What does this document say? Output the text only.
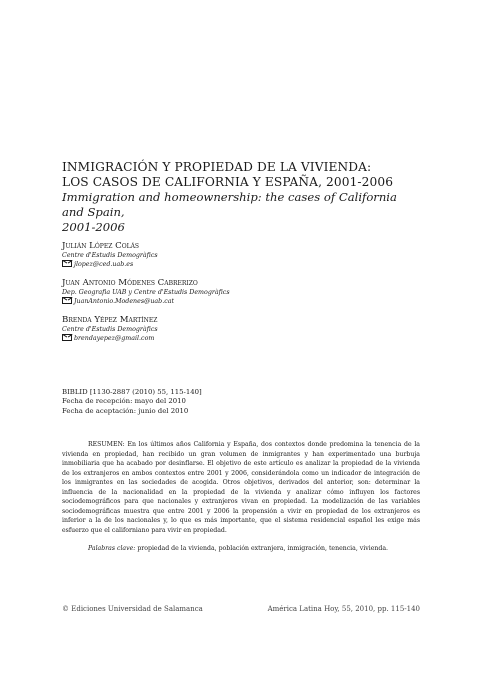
INMIGRACIÓN Y PROPIEDAD DE LA VIVIENDA:

LOS CASOS DE CALIFORNIA Y ESPAÑA, 2001-2006

Immigration and homeownership: the cases of California and Spain,

2001-2006

Julián López Colás
Centre d'Estudis Demogràfics
jlopez@ced.uab.es
Juan Antonio Módenes Cabrerizo
Dep. Geografia UAB y Centre d'Estudis Demogràfics
JuanAntonio.Modenes@uab.cat
Brenda Yépez Martínez
Centre d'Estudis Demogràfics
brendayepez@gmail.com
BIBLID [1130-2887 (2010) 55, 115-140]
Fecha de recepción: mayo del 2010
Fecha de aceptación: junio del 2010

RESUMEN: En los últimos años California y España, dos contextos donde predomina la tenencia de la vivienda en propiedad, han recibido un gran volumen de inmigrantes y han experimentado una burbuja inmobiliaria que ha acabado por desinflarse. El objetivo de este artículo es analizar la propiedad de la vivienda de los extranjeros en ambos contextos entre 2001 y 2006, considerándola como un indicador de integración de los inmigrantes en las sociedades de acogida. Otros objetivos, derivados del anterior, son: determinar la influencia de la nacionalidad en la propiedad de la vivienda y analizar cómo influyen los factores sociodemográficos para que nacionales y extranjeros vivan en propiedad. La modelización de las variables sociodemográficas muestra que entre 2001 y 2006 la propensión a vivir en propiedad de los extranjeros es inferior a la de los nacionales y, lo que es más importante, que el sistema residencial español les exige más esfuerzo que el californiano para vivir en propiedad.

Palabras clave: propiedad de la vivienda, población extranjera, inmigración, tenencia, vivienda.

© Ediciones Universidad de Salamanca	América Latina Hoy, 55, 2010, pp. 115-140
